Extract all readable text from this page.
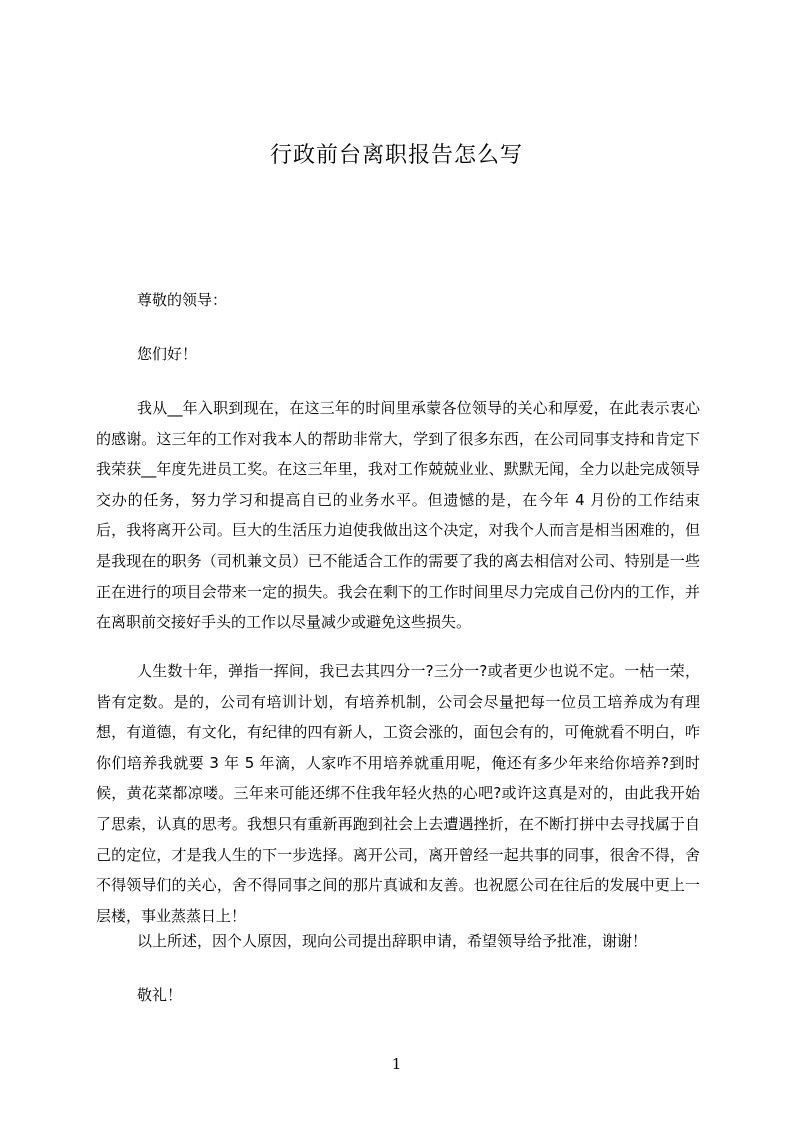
行政前台离职报告怎么写

尊敬的领导：

您们好！

我从__年入职到现在，在这三年的时间里承蒙各位领导的关心和厚爱，在此表示衷心的感谢。这三年的工作对我本人的帮助非常大，学到了很多东西，在公司同事支持和肯定下我荣获__年度先进员工奖。在这三年里，我对工作兢兢业业、默默无闻，全力以赴完成领导交办的任务，努力学习和提高自已的业务水平。但遗憾的是，在今年 4 月份的工作结束后，我将离开公司。巨大的生活压力迫使我做出这个决定，对我个人而言是相当困难的，但是我现在的职务（司机兼文员）已不能适合工作的需要了我的离去相信对公司、特别是一些正在进行的项目会带来一定的损失。我会在剩下的工作时间里尽力完成自己份内的工作，并在离职前交接好手头的工作以尽量减少或避免这些损失。

人生数十年，弹指一挥间，我已去其四分一?三分一?或者更少也说不定。一枯一荣，皆有定数。是的，公司有培训计划，有培养机制，公司会尽量把每一位员工培养成为有理想，有道德，有文化，有纪律的四有新人，工资会涨的，面包会有的，可俺就看不明白，咋你们培养我就要 3 年 5 年滴，人家咋不用培养就重用呢，俺还有多少年来给你培养?到时候，黄花菜都凉喽。三年来可能还绑不住我年轻火热的心吧?或许这真是对的，由此我开始了思索，认真的思考。我想只有重新再跑到社会上去遭遇挫折，在不断打拼中去寻找属于自己的定位，才是我人生的下一步选择。离开公司，离开曾经一起共事的同事，很舍不得，舍不得领导们的关心，舍不得同事之间的那片真诚和友善。也祝愿公司在往后的发展中更上一层楼，事业蒸蒸日上！

以上所述，因个人原因，现向公司提出辞职申请，希望领导给予批准，谢谢！

敬礼！

1
